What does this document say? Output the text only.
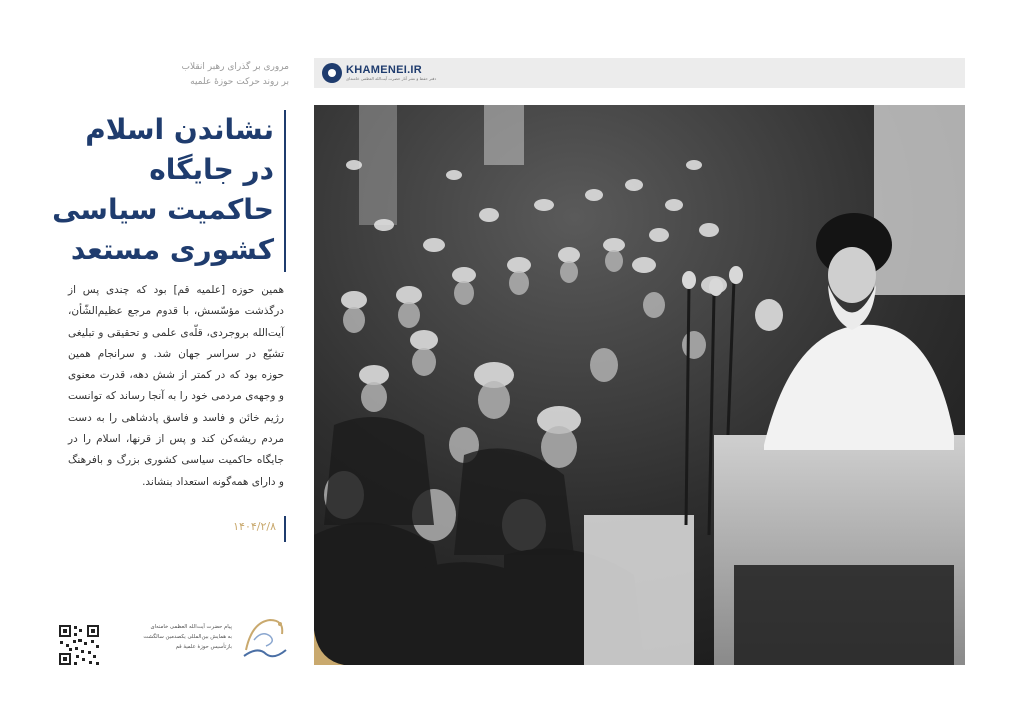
KHAMENEI.IR
دفتر حفظ و نشر آثار حضرت آیت‌الله العظمی خامنه‌ای
مروری بر گذرای رهبر انقلاب
بر روند حرکت حوزهٔ علمیه
نشاندن اسلام
در جایگاه
حاکمیت سیاسی
کشوری مستعد
همین حوزه [علمیه قم] بود که چندی پس از درگذشت مؤسّسش، با قدوم مرجع عظیم‌الشّأن، آیت‌الله بروجردی، قلّه‌ی علمی و تحقیقی و تبلیغی تشیّع در سراسر جهان شد. و سرانجام همین حوزه بود که در کمتر از شش دهه، قدرت معنوی و وجهه‌ی مردمی خود را به آنجا رساند که توانست رژیم خائن و فاسد و فاسق پادشاهی را به دست مردم ریشه‌کن کند و پس از قرنها، اسلام را در جایگاه حاکمیت سیاسی کشوری بزرگ و بافرهنگ و دارای همه‌گونه استعداد بنشاند.
۱۴۰۴/۲/۸
پیام حضرت آیت‌الله العظمی خامنه‌ای
به همایش بین‌المللی یکصدمین سالگشت
بازتأسیس حوزهٔ علمیهٔ قم
